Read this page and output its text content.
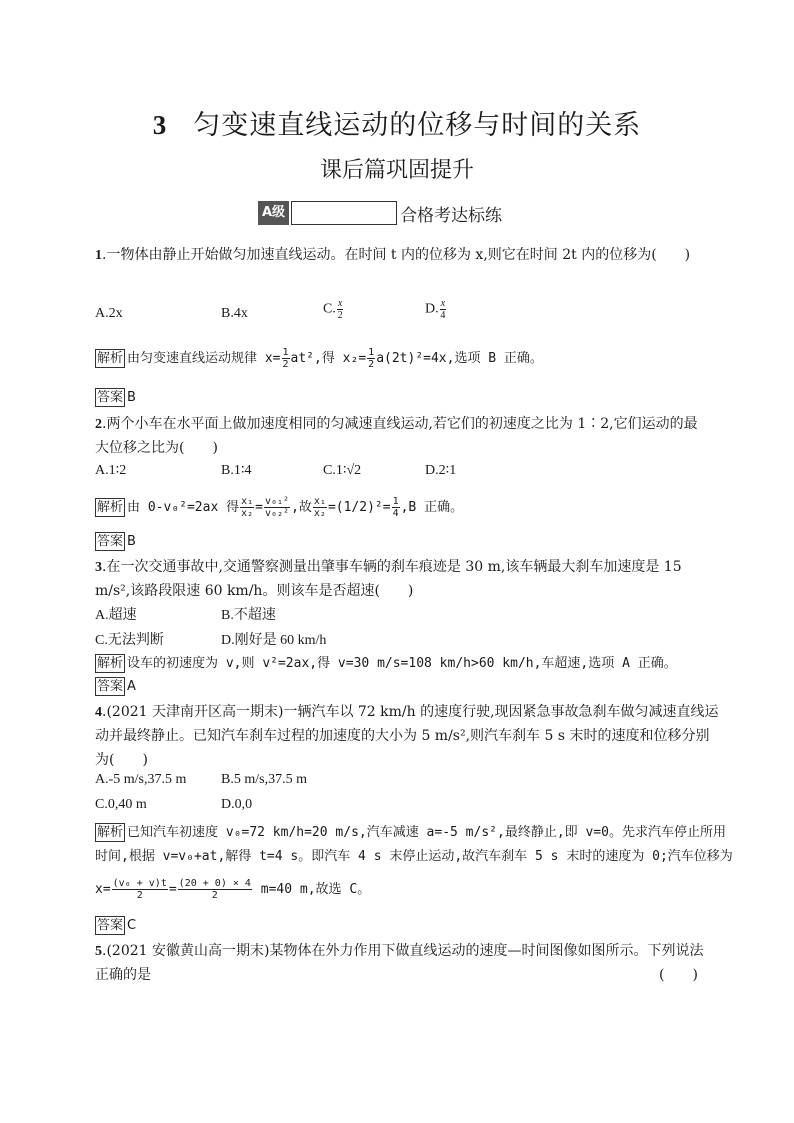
3 匀变速直线运动的位移与时间的关系
课后篇巩固提升
A级	合格考达标练
1.一物体由静止开始做匀加速直线运动。在时间 t 内的位移为 x,则它在时间 2t 内的位移为(　　)
A.2x	B.4x	C. $\frac{x}{2}$	D. $\frac{x}{4}$
解析 由匀变速直线运动规律 $x= \frac{1}{2} at^2$,得 $x_2= \frac{1}{2} a(2t)^2=4x$,选项 B 正确。
答案 B
2.两个小车在水平面上做加速度相同的匀减速直线运动,若它们的初速度之比为 1∶2,它们运动的最
大位移之比为(　　)
A.1∶2	B.1∶4	C.1∶√2	D.2∶1
解析 由 0-v₀²=2ax 得 $\frac{\text{x₁}}{\text{x₂}} = \frac{\text{v₀₁²}}{\text{v₀₂²}}$ ,故 $\frac{\text{x₁}}{\text{x₂}} =(1/2)^2= \frac{1}{4} ,B$ 正确。
答案 B
3.在一次交通事故中,交通警察测量出肇事车辆的刹车痕迹是 30 m,该车辆最大刹车加速度是 15
m/s²,该路段限速 60 km/h。则该车是否超速(　　)
A.超速	B.不超速
C.无法判断	D.刚好是 60 km/h
解析 设车的初速度为 v,则 v²=2ax,得 v=30 m/s=108 km/h>60 km/h,车超速,选项 A 正确。
答案 A
4.(2021 天津南开区高一期末)一辆汽车以 72 km/h 的速度行驶,现因紧急事故急刹车做匀减速直线运
动并最终静止。已知汽车刹车过程的加速度的大小为 5 m/s²,则汽车刹车 5 s 末时的速度和位移分别
为(　　)
A.-5 m/s,37.5 m B.5 m/s,37.5 m
C.0,40 m	D.0,0
解析 已知汽车初速度 v₀=72 km/h=20 m/s,汽车减速 a=-5 m/s²,最终静止,即 v=0。先求汽车停止所用
时间,根据 v=v₀+at,解得 t=4 s。即汽车 4 s 末停止运动,故汽车刹车 5 s 末时的速度为 0;汽车位移为
$x= \frac{\text{(v₀ + v)t}}{2} = \frac{(20 + 0) \times 4}{2} m=40$ m,故选 C。
答案 C
5.(2021 安徽黄山高一期末)某物体在外力作用下做直线运动的速度—时间图像如图所示。下列说法
正确的是	(　　)
